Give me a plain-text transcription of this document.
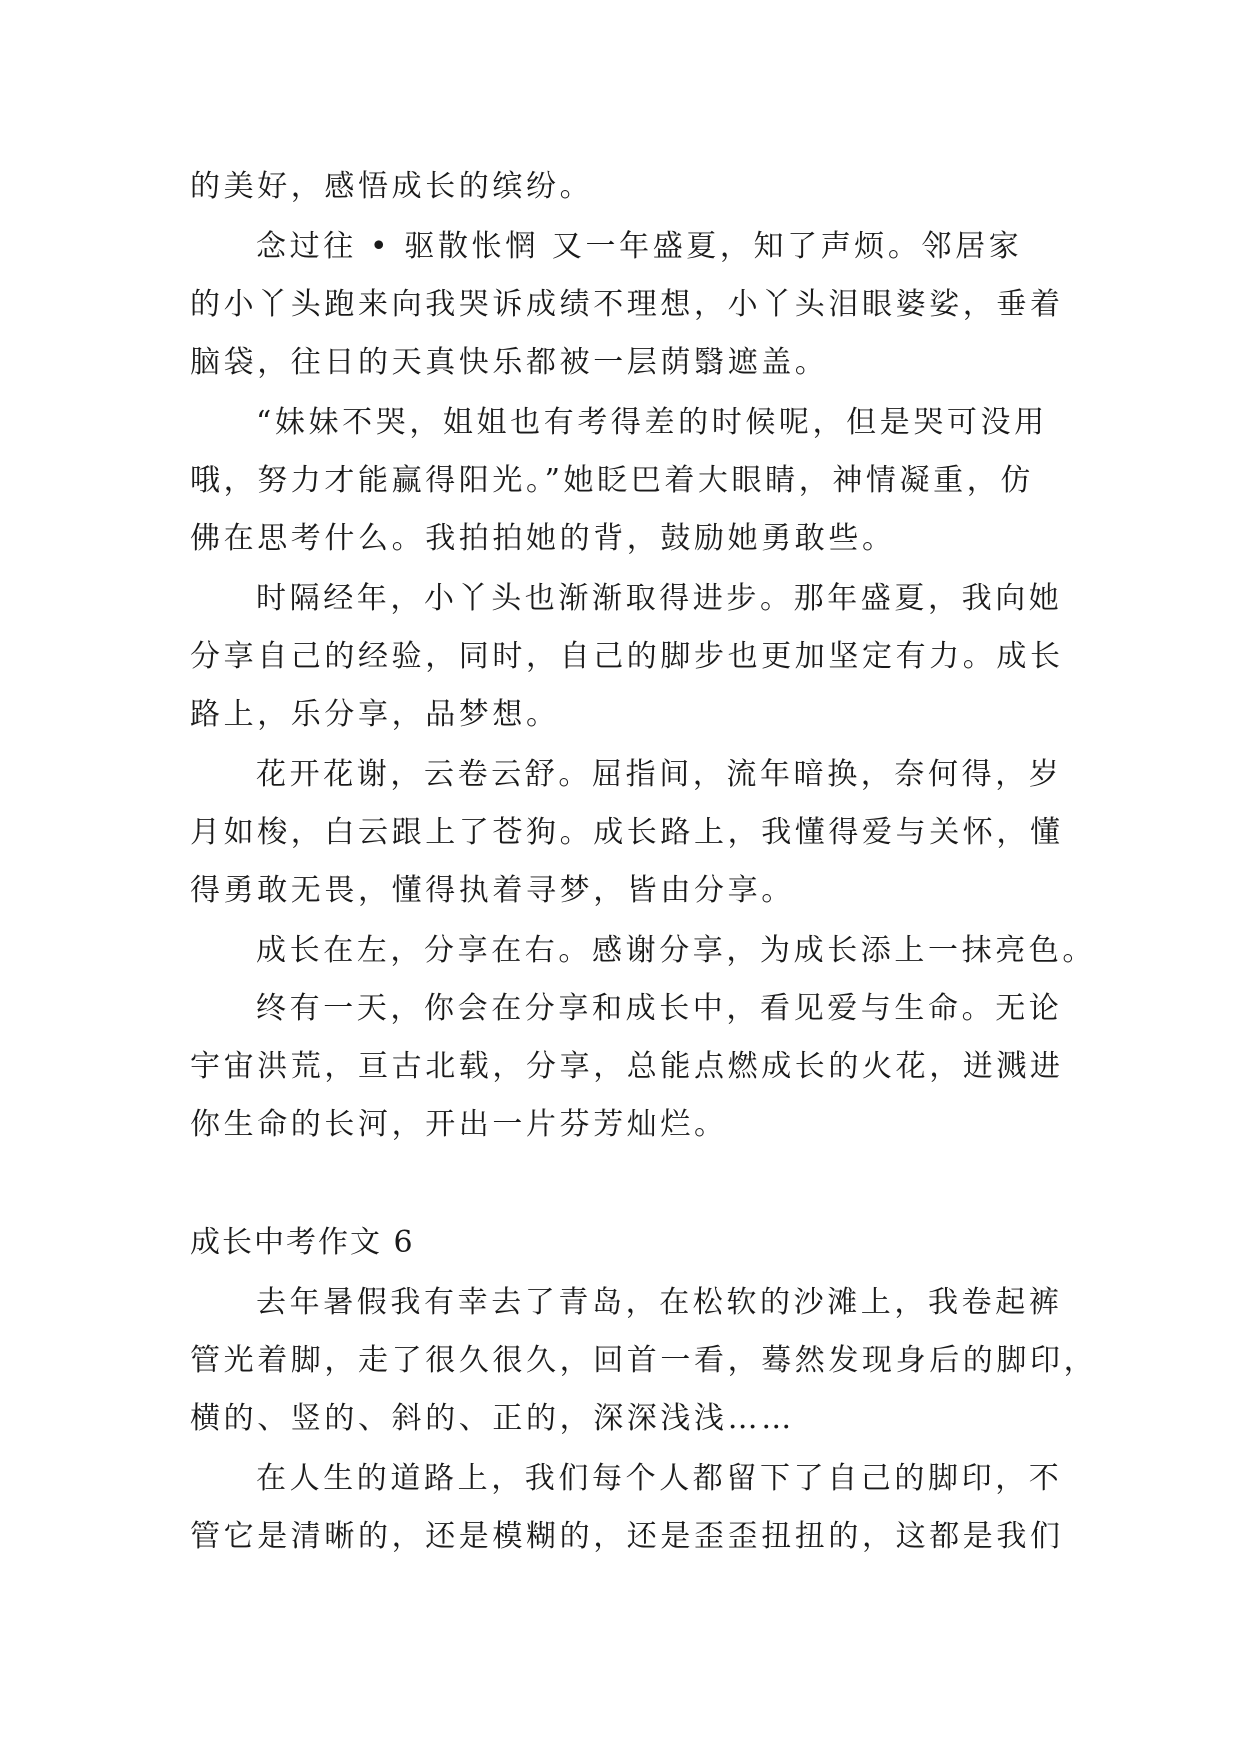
的美好，感悟成长的缤纷。
念过往 • 驱散怅惘 又一年盛夏，知了声烦。邻居家
的小丫头跑来向我哭诉成绩不理想，小丫头泪眼婆娑，垂着
脑袋，往日的天真快乐都被一层荫翳遮盖。
“妹妹不哭，姐姐也有考得差的时候呢，但是哭可没用
哦，努力才能赢得阳光。”她眨巴着大眼睛，神情凝重，仿
佛在思考什么。我拍拍她的背，鼓励她勇敢些。
时隔经年，小丫头也渐渐取得进步。那年盛夏，我向她
分享自己的经验，同时，自己的脚步也更加坚定有力。成长
路上，乐分享，品梦想。
花开花谢，云卷云舒。屈指间，流年暗换，奈何得，岁
月如梭，白云跟上了苍狗。成长路上，我懂得爱与关怀，懂
得勇敢无畏，懂得执着寻梦，皆由分享。
成长在左，分享在右。感谢分享，为成长添上一抹亮色。
终有一天，你会在分享和成长中，看见爱与生命。无论
宇宙洪荒，亘古北载，分享，总能点燃成长的火花，迸溅进
你生命的长河，开出一片芬芳灿烂。
成长中考作文 6
去年暑假我有幸去了青岛，在松软的沙滩上，我卷起裤
管光着脚，走了很久很久，回首一看，蓦然发现身后的脚印，
横的、竖的、斜的、正的，深深浅浅……
在人生的道路上，我们每个人都留下了自己的脚印，不
管它是清晰的，还是模糊的，还是歪歪扭扭的，这都是我们
